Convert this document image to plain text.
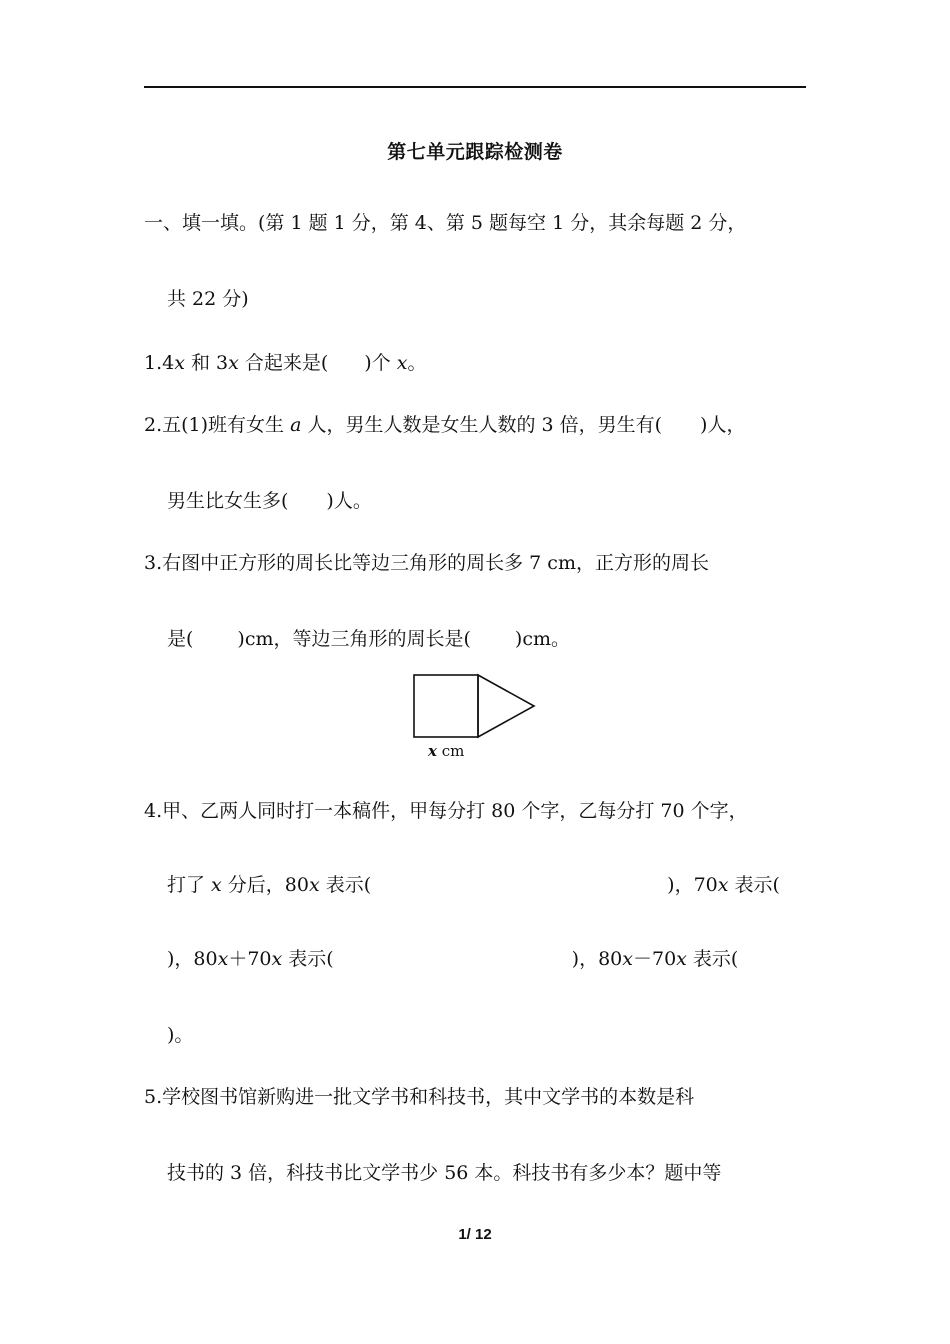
第七单元跟踪检测卷
一、填一填。(第 1 题 1 分，第 4、第 5 题每空 1 分，其余每题 2 分，
共 22 分)
1.4x 和 3x 合起来是( )个 x。
2.五(1)班有女生 a 人，男生人数是女生人数的 3 倍，男生有( )人，
男生比女生多( )人。
3.右图中正方形的周长比等边三角形的周长多 7 cm，正方形的周长
是( )cm，等边三角形的周长是( )cm。
x cm
4.甲、乙两人同时打一本稿件，甲每分打 80 个字，乙每分打 70 个字，
打了 x 分后，80x 表示(	)，70x 表示(
)，80x＋70x 表示(	)，80x－70x 表示(
)。
5.学校图书馆新购进一批文学书和科技书，其中文学书的本数是科
技书的 3 倍，科技书比文学书少 56 本。科技书有多少本？题中等
1/ 12
